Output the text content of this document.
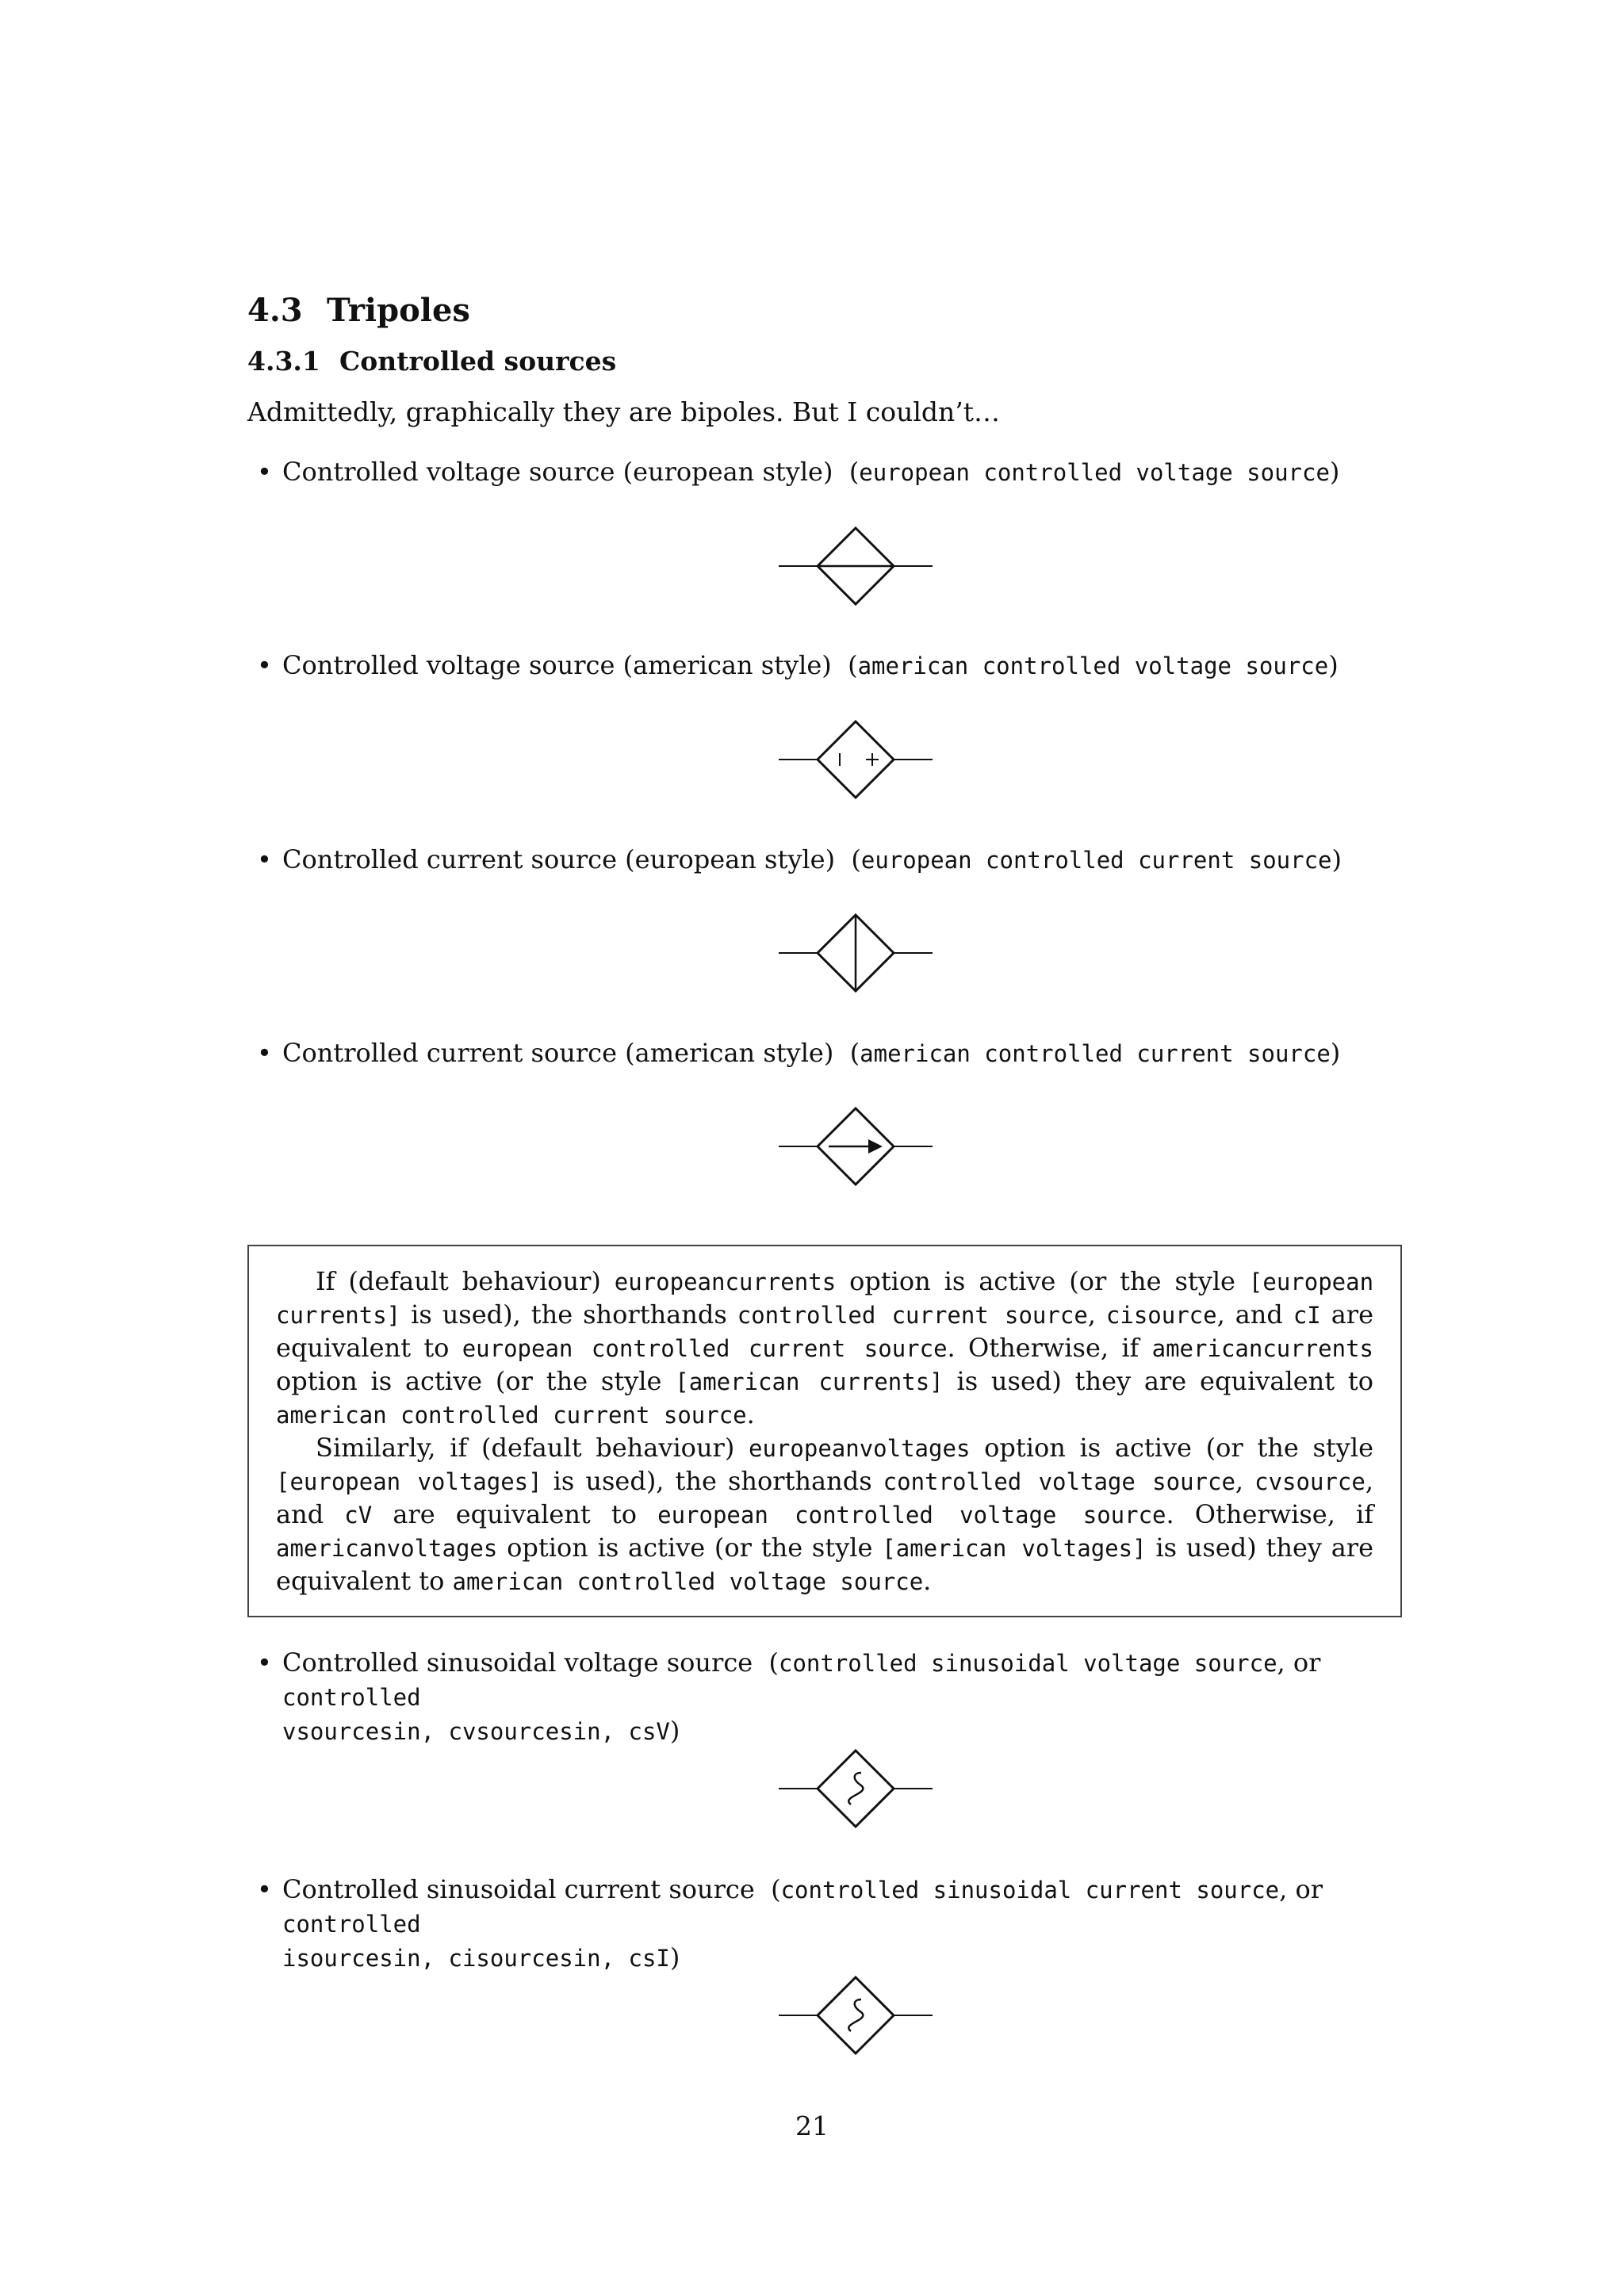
4.3 Tripoles
4.3.1 Controlled sources

Admittedly, graphically they are bipoles. But I couldn’t…

• Controlled voltage source (european style) (european controlled voltage source)

• Controlled voltage source (american style) (american controlled voltage source)

• Controlled current source (european style) (european controlled current source)

• Controlled current source (american style) (american controlled current source)

If (default behaviour) europeancurrents option is active (or the style [european currents] is used), the shorthands controlled current source, cisource, and cI are equivalent to european controlled current source. Otherwise, if americancurrents option is active (or the style [american currents] is used) they are equivalent to american controlled current source.

Similarly, if (default behaviour) europeanvoltages option is active (or the style [european voltages] is used), the shorthands controlled voltage source, cvsource, and cV are equivalent to european controlled voltage source. Otherwise, if americanvoltages option is active (or the style [american voltages] is used) they are equivalent to american controlled voltage source.

• Controlled sinusoidal voltage source (controlled sinusoidal voltage source, or controlled
vsourcesin, cvsourcesin, csV)

• Controlled sinusoidal current source (controlled sinusoidal current source, or controlled
isourcesin, cisourcesin, csI)

21
